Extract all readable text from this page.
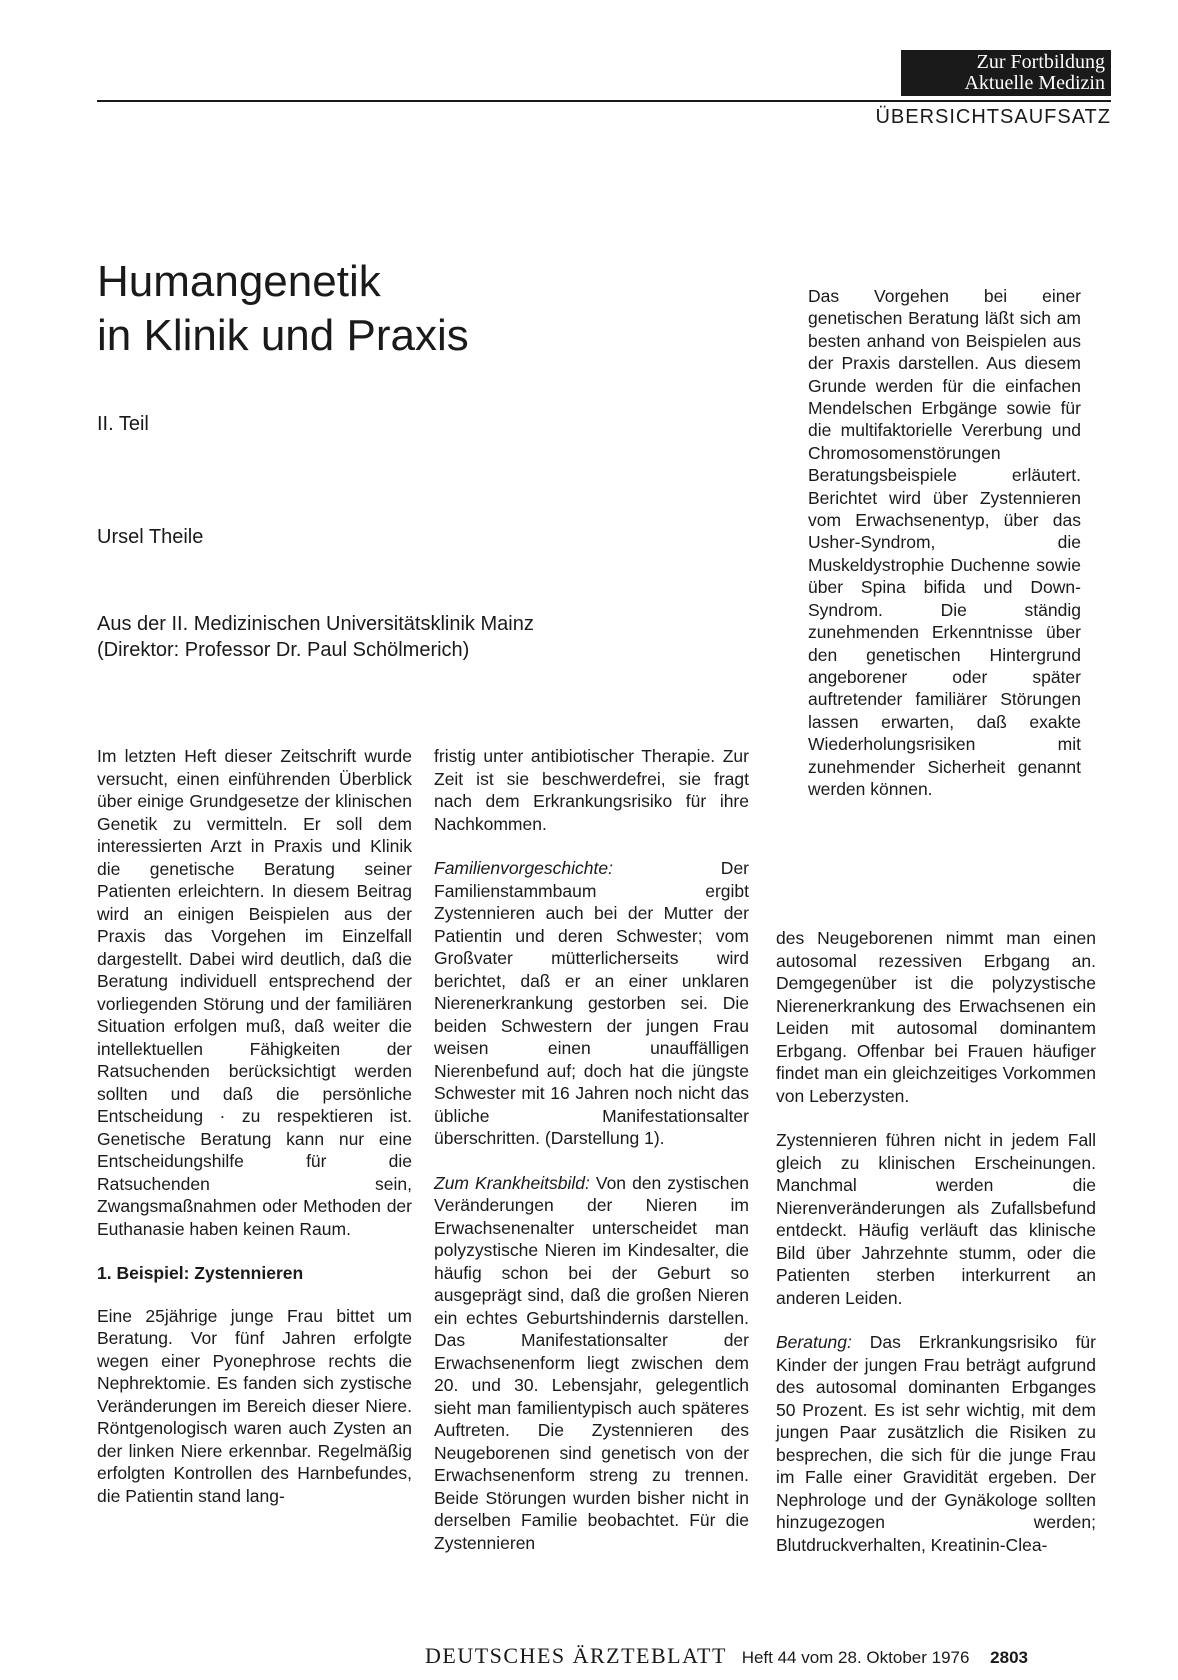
Zur Fortbildung
Aktuelle Medizin
ÜBERSICHTSAUFSATZ
Humangenetik
in Klinik und Praxis
II. Teil
Ursel Theile
Aus der II. Medizinischen Universitätsklinik Mainz
(Direktor: Professor Dr. Paul Schölmerich)
Das Vorgehen bei einer genetischen Beratung läßt sich am besten anhand von Beispielen aus der Praxis darstellen. Aus diesem Grunde werden für die einfachen Mendelschen Erbgänge sowie für die multifaktorielle Vererbung und Chromosomenstörungen Beratungsbeispiele erläutert. Berichtet wird über Zystennieren vom Erwachsenentyp, über das Usher-Syndrom, die Muskeldystrophie Duchenne sowie über Spina bifida und Down-Syndrom. Die ständig zunehmenden Erkenntnisse über den genetischen Hintergrund angeborener oder später auftretender familiärer Störungen lassen erwarten, daß exakte Wiederholungsrisiken mit zunehmender Sicherheit genannt werden können.

Im letzten Heft dieser Zeitschrift wurde versucht, einen einführenden Überblick über einige Grundgesetze der klinischen Genetik zu vermitteln. Er soll dem interessierten Arzt in Praxis und Klinik die genetische Beratung seiner Patienten erleichtern. In diesem Beitrag wird an einigen Beispielen aus der Praxis das Vorgehen im Einzelfall dargestellt. Dabei wird deutlich, daß die Beratung individuell entsprechend der vorliegenden Störung und der familiären Situation erfolgen muß, daß weiter die intellektuellen Fähigkeiten der Ratsuchenden berücksichtigt werden sollten und daß die persönliche Entscheidung · zu respektieren ist. Genetische Beratung kann nur eine Entscheidungshilfe für die Ratsuchenden sein, Zwangsmaßnahmen oder Methoden der Euthanasie haben keinen Raum.

1. Beispiel: Zystennieren

Eine 25jährige junge Frau bittet um Beratung. Vor fünf Jahren erfolgte wegen einer Pyonephrose rechts die Nephrektomie. Es fanden sich zystische Veränderungen im Bereich dieser Niere. Röntgenologisch waren auch Zysten an der linken Niere erkennbar. Regelmäßig erfolgten Kontrollen des Harnbefundes, die Patientin stand lang-

fristig unter antibiotischer Therapie. Zur Zeit ist sie beschwerdefrei, sie fragt nach dem Erkrankungsrisiko für ihre Nachkommen.

Familienvorgeschichte: Der Familienstammbaum ergibt Zystennieren auch bei der Mutter der Patientin und deren Schwester; vom Großvater mütterlicherseits wird berichtet, daß er an einer unklaren Nierenerkrankung gestorben sei. Die beiden Schwestern der jungen Frau weisen einen unauffälligen Nierenbefund auf; doch hat die jüngste Schwester mit 16 Jahren noch nicht das übliche Manifestationsalter überschritten. (Darstellung 1).

Zum Krankheitsbild: Von den zystischen Veränderungen der Nieren im Erwachsenenalter unterscheidet man polyzystische Nieren im Kindesalter, die häufig schon bei der Geburt so ausgeprägt sind, daß die großen Nieren ein echtes Geburtshindernis darstellen. Das Manifestationsalter der Erwachsenenform liegt zwischen dem 20. und 30. Lebensjahr, gelegentlich sieht man familientypisch auch späteres Auftreten. Die Zystennieren des Neugeborenen sind genetisch von der Erwachsenenform streng zu trennen. Beide Störungen wurden bisher nicht in derselben Familie beobachtet. Für die Zystennieren

des Neugeborenen nimmt man einen autosomal rezessiven Erbgang an. Demgegenüber ist die polyzystische Nierenerkrankung des Erwachsenen ein Leiden mit autosomal dominantem Erbgang. Offenbar bei Frauen häufiger findet man ein gleichzeitiges Vorkommen von Leberzysten.

Zystennieren führen nicht in jedem Fall gleich zu klinischen Erscheinungen. Manchmal werden die Nierenveränderungen als Zufallsbefund entdeckt. Häufig verläuft das klinische Bild über Jahrzehnte stumm, oder die Patienten sterben interkurrent an anderen Leiden.

Beratung: Das Erkrankungsrisiko für Kinder der jungen Frau beträgt aufgrund des autosomal dominanten Erbganges 50 Prozent. Es ist sehr wichtig, mit dem jungen Paar zusätzlich die Risiken zu besprechen, die sich für die junge Frau im Falle einer Gravidität ergeben. Der Nephrologe und der Gynäkologe sollten hinzugezogen werden; Blutdruckverhalten, Kreatinin-Clea-

DEUTSCHES ÄRZTEBLATT Heft 44 vom 28. Oktober 1976 2803
